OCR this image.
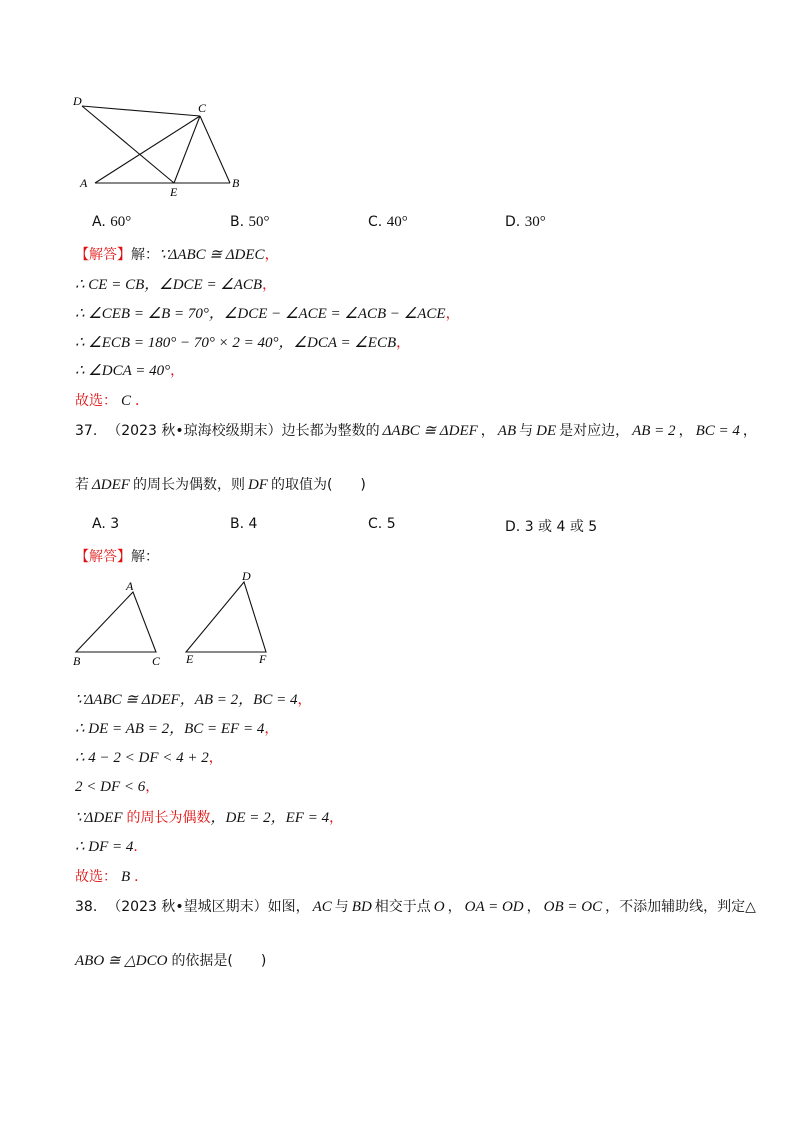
D	C
A
E
B
A. 60°	B. 50°	C. 40°	D. 30°
【解答】 解： ∵ΔABC ≅ ΔDEC ，
∴ CE = CB，∠DCE = ∠ACB ，
∴ ∠CEB = ∠B = 70°，∠DCE − ∠ACE = ∠ACB − ∠ACE ，
∴ ∠ECB = 180° − 70° × 2 = 40°，∠DCA = ∠ECB ，
∴ ∠DCA = 40° ，
故选： C ．
37. （2023 秋•琼海校级期末） 边长都为整数的 ΔABC ≅ ΔDEF ， AB 与 DE 是对应边， AB = 2 ， BC = 4 ，
若 ΔDEF 的周长为偶数，则 DF 的取值为(　　)
A. 3	B. 4	C. 5	D. 3 或 4 或 5
【解答】 解：
A
B	C
D
E	F
∵ΔABC ≅ ΔDEF，AB = 2，BC = 4 ，
∴ DE = AB = 2，BC = EF = 4 ，
∴ 4 − 2 < DF < 4 + 2 ，
2 < DF < 6 ，
∵ΔDEF 的周长为偶数 ，DE = 2，EF = 4 ，
∴ DF = 4 ．
故选： B ．
38. （2023 秋•望城区期末） 如图， AC 与 BD 相交于点 O ， OA = OD ， OB = OC ，不添加辅助线，判定△
ABO ≅ △DCO 的依据是(　　)
